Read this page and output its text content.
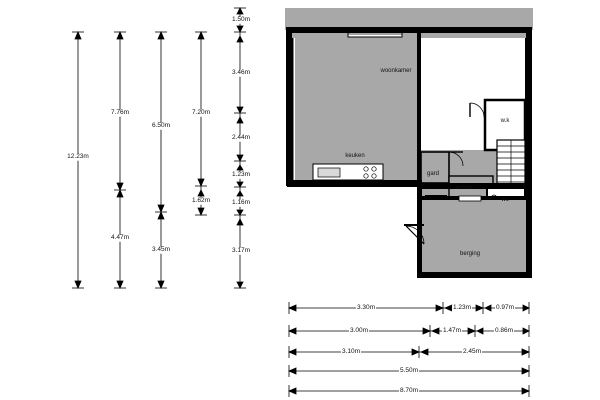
woonkamer
keuken
w.k
gard
entree
wc
berging
12.23m
7.76m
4.47m
6.50m
3.45m
7.20m
1.62m
1.50m
3.46m
2.44m
1.23m
1.16m
3.17m
3.30m	1.23m	0.97m
3.00m	1.47m	0.86m
3.10m	2.45m
5.50m
8.70m
